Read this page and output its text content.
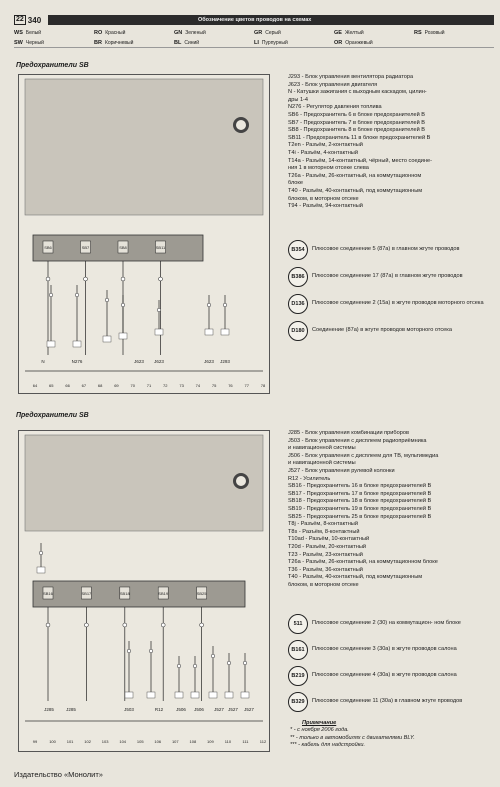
22 340	Обозначение цветов проводов на схемах
WS Белый	RO Красный	GN Зеленый	GR Серый	GE Желтый	RS Розовый
SW Черный	BR Коричневый	BL Синий	LI Пурпурный	OR Оранжевый
Предохранители SB
SB6	SB7	SB8	SB11
N	N276	J623 J623	J623 J293
64	65	66	67	68	69	70	71	72	73	74	75	76	77	78
J293 - Блок управления вентилятора радиатора
J623 - Блок управления двигателя
N - Катушки зажигания с выходным каскадом, цилин-
дры 1-4
N276 - Регулятор давления топлива
SB6 - Предохранитель 6 в блоке предохранителей B
SB7 - Предохранитель 7 в блоке предохранителей B
SB8 - Предохранитель 8 в блоке предохранителей B
SB11 - Предохранитель 11 в блоке предохранителей B
T2en - Разъём, 2-контактный
T4i - Разъём, 4-контактный
T14a - Разъём, 14-контактный, чёрный, место соедине-
ния 1 в моторном отсеке слева
T26a - Разъём, 26-контактный, на коммутационном
блоке
T40 - Разъём, 40-контактный, под коммутационным
блоком, в моторном отсеке
T94 - Разъём, 94-контактный
B354	Плюсовое соединение 5 (87а) в главном жгуте проводов
B386	Плюсовое соединение 17 (87а) в главном жгуте проводов
D136	Плюсовое соединение 2 (15а) в жгуте проводов моторного отсека
D180	Соединение (87а) в жгуте проводов моторного отсека
Предохранители SB
SB16	SB17	SB18	SB19	SB25
J285	J285	J503	R12	J506 J506 J527 J527 J527
99	100	101	102	103	104	105	106	107	108	109	110	111	112
J285 - Блок управления комбинации приборов
J503 - Блок управления с дисплеем радиоприёмника
и навигационной системы
J506 - Блок управления с дисплеем для ТВ, мультимедиа
и навигационной системы
J527 - Блок управления рулевой колонки
R12 - Усилитель
SB16 - Предохранитель 16 в блоке предохранителей B
SB17 - Предохранитель 17 в блоке предохранителей B
SB18 - Предохранитель 18 в блоке предохранителей B
SB19 - Предохранитель 19 в блоке предохранителей B
SB25 - Предохранитель 25 в блоке предохранителей B
T8j - Разъём, 8-контактный
T8s - Разъём, 8-контактный
T10ad - Разъём, 10-контактный
T20d - Разъём, 20-контактный
T23 - Разъём, 23-контактный
T26a - Разъём, 26-контактный, на коммутационном блоке
T36 - Разъём, 36-контактный
T40 - Разъём, 40-контактный, под коммутационным
блоком, в моторном отсеке
511	Плюсовое соединение 2 (30) на коммутацион- ном блоке
B161	Плюсовое соединение 3 (30а) в жгуте проводов салона
B219	Плюсовое соединение 4 (30а) в жгуте проводов салона
B329	Плюсовое соединение 11 (30а) в главном жгуте проводов
Примечание
* - с ноября 2006 года.
** - только в автомобилях с двигателями BLY.
*** - кабель для надстройки.
Издательство «Монолит»
